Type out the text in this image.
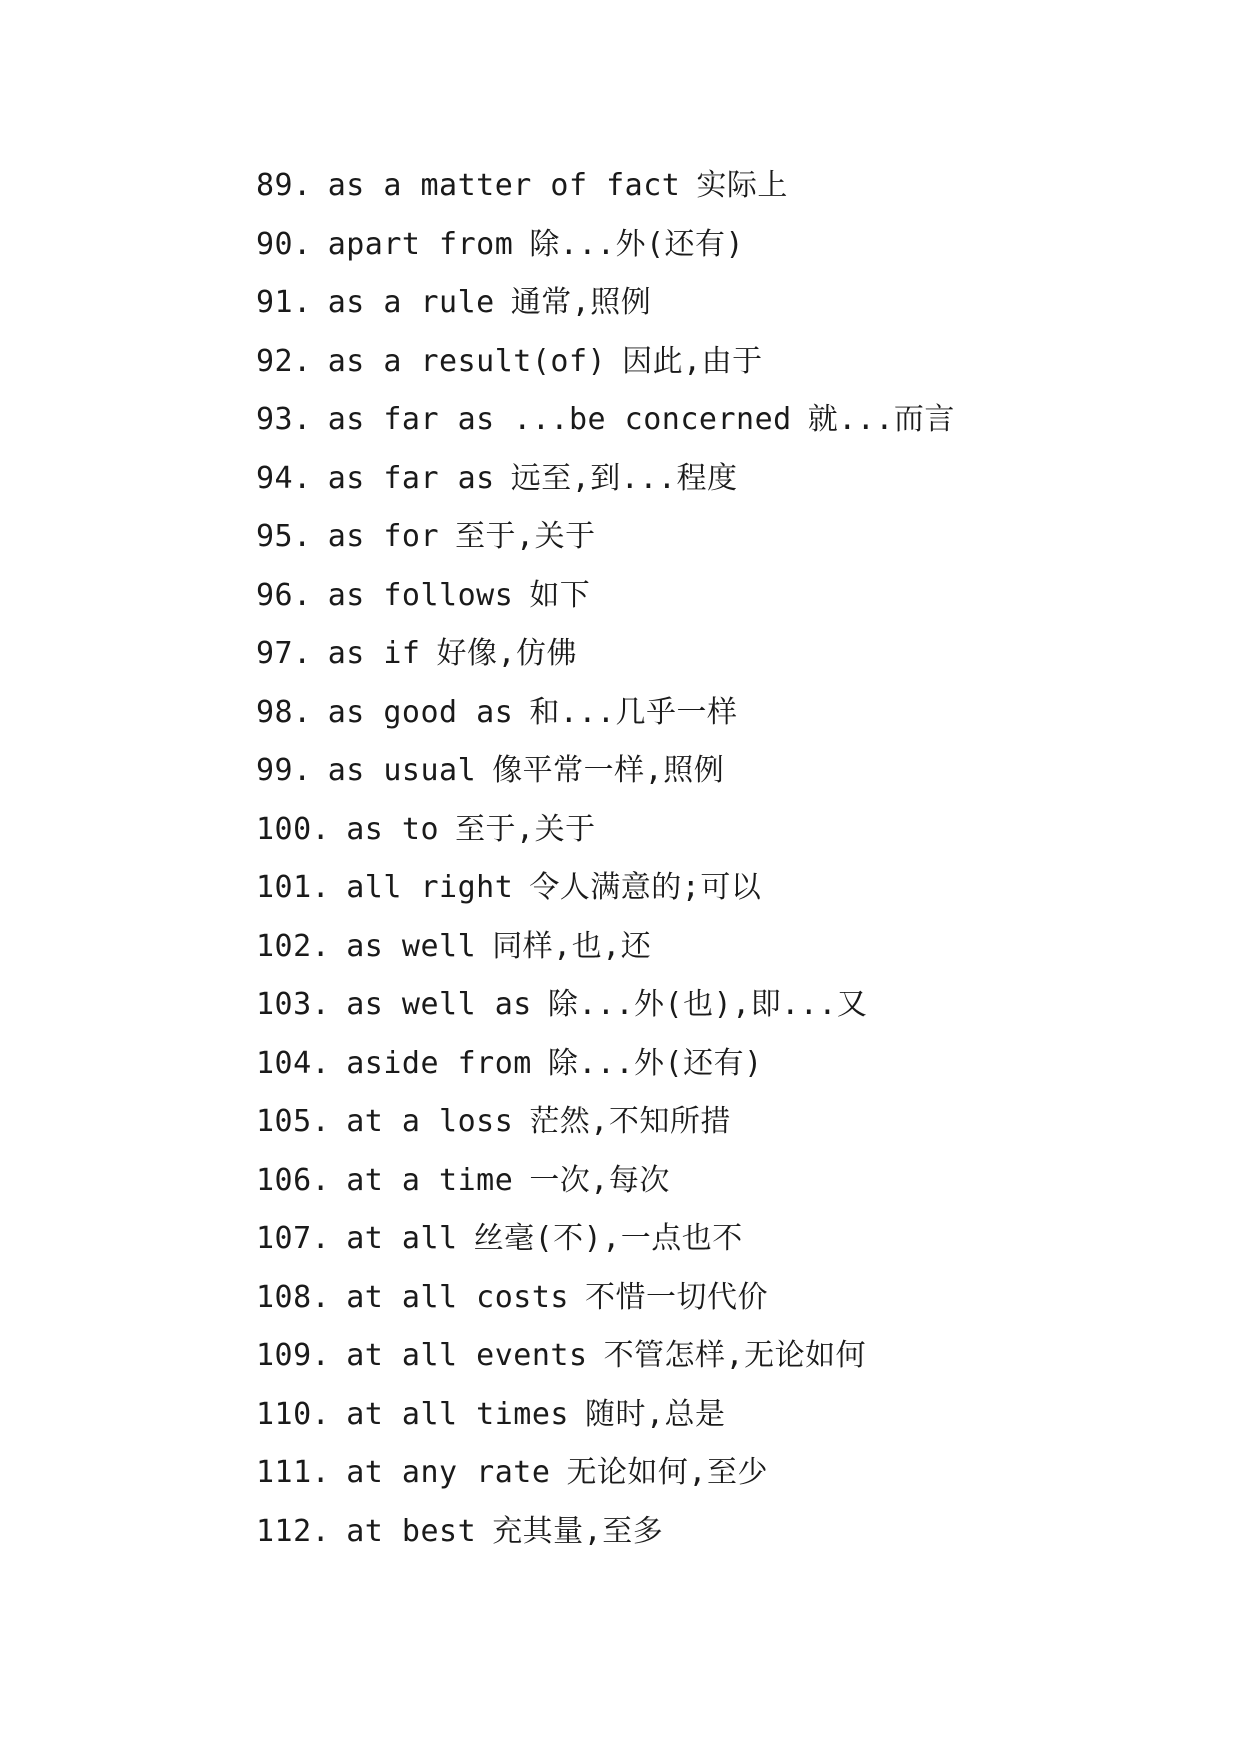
89. as a matter of fact 实际上
90. apart from 除...外(还有)
91. as a rule 通常,照例
92. as a result(of) 因此,由于
93. as far as ...be concerned 就...而言
94. as far as 远至,到...程度
95. as for 至于,关于
96. as follows 如下
97. as if 好像,仿佛
98. as good as 和...几乎一样
99. as usual 像平常一样,照例
100. as to 至于,关于
101. all right 令人满意的;可以
102. as well 同样,也,还
103. as well as 除...外(也),即...又
104. aside from 除...外(还有)
105. at a loss 茫然,不知所措
106. at a time 一次,每次
107. at all 丝毫(不),一点也不
108. at all costs 不惜一切代价
109. at all events 不管怎样,无论如何
110. at all times 随时,总是
111. at any rate 无论如何,至少
112. at best 充其量,至多
